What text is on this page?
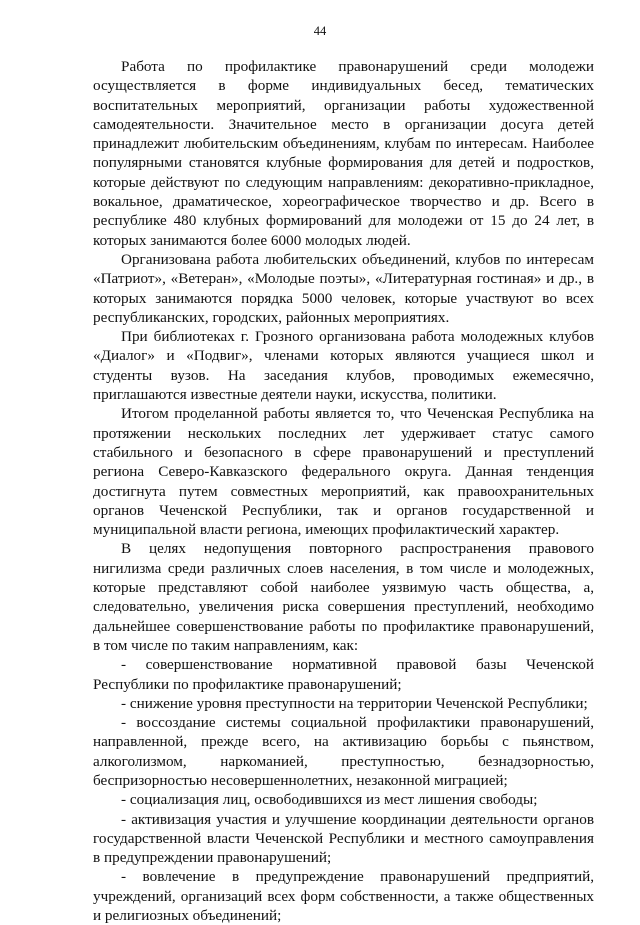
44

Работа по профилактике правонарушений среди молодежи осуществляется в форме индивидуальных бесед, тематических воспитательных мероприятий, организации работы художественной самодеятельности. Значительное место в организации досуга детей принадлежит любительским объединениям, клубам по интересам. Наиболее популярными становятся клубные формирования для детей и подростков, которые действуют по следующим направлениям: декоративно-прикладное, вокальное, драматическое, хореографическое творчество и др. Всего в республике 480 клубных формирований для молодежи от 15 до 24 лет, в которых занимаются более 6000 молодых людей.

Организована работа любительских объединений, клубов по интересам «Патриот», «Ветеран», «Молодые поэты», «Литературная гостиная» и др., в которых занимаются порядка 5000 человек, которые участвуют во всех республиканских, городских, районных мероприятиях.

При библиотеках г. Грозного организована работа молодежных клубов «Диалог» и «Подвиг», членами которых являются учащиеся школ и студенты вузов. На заседания клубов, проводимых ежемесячно, приглашаются известные деятели науки, искусства, политики.

Итогом проделанной работы является то, что Чеченская Республика на протяжении нескольких последних лет удерживает статус самого стабильного и безопасного в сфере правонарушений и преступлений региона Северо-Кавказского федерального округа. Данная тенденция достигнута путем совместных мероприятий, как правоохранительных органов Чеченской Республики, так и органов государственной и муниципальной власти региона, имеющих профилактический характер.

В целях недопущения повторного распространения правового нигилизма среди различных слоев населения, в том числе и молодежных, которые представляют собой наиболее уязвимую часть общества, а, следовательно, увеличения риска совершения преступлений, необходимо дальнейшее совершенствование работы по профилактике правонарушений, в том числе по таким направлениям, как:

- совершенствование нормативной правовой базы Чеченской Республики по профилактике правонарушений;

- снижение уровня преступности на территории Чеченской Республики;

- воссоздание системы социальной профилактики правонарушений, направленной, прежде всего, на активизацию борьбы с пьянством, алкоголизмом, наркоманией, преступностью, безнадзорностью, беспризорностью несовершеннолетних, незаконной миграцией;

- социализация лиц, освободившихся из мест лишения свободы;

- активизация участия и улучшение координации деятельности органов государственной власти Чеченской Республики и местного самоуправления в предупреждении правонарушений;

- вовлечение в предупреждение правонарушений предприятий, учреждений, организаций всех форм собственности, а также общественных и религиозных объединений;
